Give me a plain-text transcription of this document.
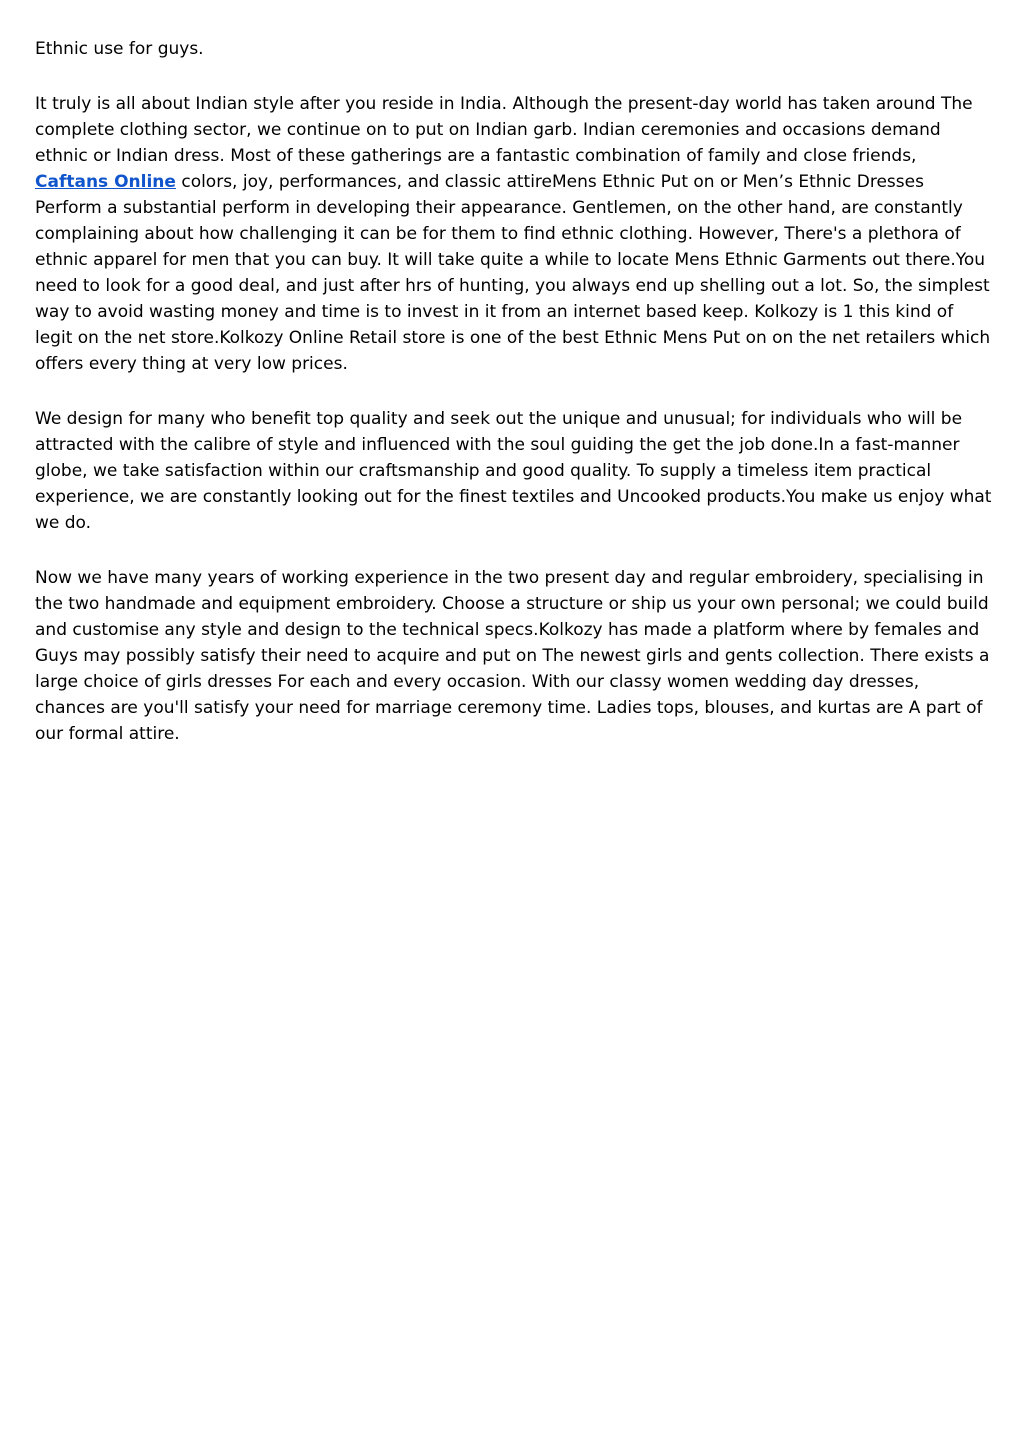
Ethnic use for guys.

It truly is all about Indian style after you reside in India. Although the present-day world has taken around The complete clothing sector, we continue on to put on Indian garb. Indian ceremonies and occasions demand ethnic or Indian dress. Most of these gatherings are a fantastic combination of family and close friends, Caftans Online colors, joy, performances, and classic attireMens Ethnic Put on or Men’s Ethnic Dresses Perform a substantial perform in developing their appearance. Gentlemen, on the other hand, are constantly complaining about how challenging it can be for them to find ethnic clothing. However, There's a plethora of ethnic apparel for men that you can buy. It will take quite a while to locate Mens Ethnic Garments out there.You need to look for a good deal, and just after hrs of hunting, you always end up shelling out a lot. So, the simplest way to avoid wasting money and time is to invest in it from an internet based keep. Kolkozy is 1 this kind of legit on the net store.Kolkozy Online Retail store is one of the best Ethnic Mens Put on on the net retailers which offers every thing at very low prices.

We design for many who benefit top quality and seek out the unique and unusual; for individuals who will be attracted with the calibre of style and influenced with the soul guiding the get the job done.In a fast-manner globe, we take satisfaction within our craftsmanship and good quality. To supply a timeless item practical experience, we are constantly looking out for the finest textiles and Uncooked products.You make us enjoy what we do.

Now we have many years of working experience in the two present day and regular embroidery, specialising in the two handmade and equipment embroidery. Choose a structure or ship us your own personal; we could build and customise any style and design to the technical specs.Kolkozy has made a platform where by females and Guys may possibly satisfy their need to acquire and put on The newest girls and gents collection. There exists a large choice of girls dresses For each and every occasion. With our classy women wedding day dresses, chances are you'll satisfy your need for marriage ceremony time. Ladies tops, blouses, and kurtas are A part of our formal attire.
